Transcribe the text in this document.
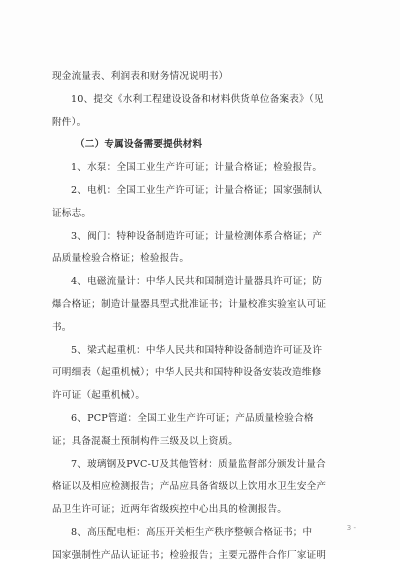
现金流量表、利润表和财务情况说明书）
10、提交《水利工程建设设备和材料供货单位备案表》（见
附件）。
（二）专属设备需要提供材料
1、水泵：全国工业生产许可证；计量合格证；检验报告。
2、电机：全国工业生产许可证；计量合格证；国家强制认
证标志。
3、阀门：特种设备制造许可证；计量检测体系合格证；产
品质量检验合格证；检验报告。
4、电磁流量计：中华人民共和国制造计量器具许可证；防
爆合格证；制造计量器具型式批准证书；计量校准实验室认可证
书。
5、梁式起重机：中华人民共和国特种设备制造许可证及许
可明细表（起重机械）；中华人民共和国特种设备安装改造维修
许可证（起重机械）。
6、PCP管道：全国工业生产许可证；产品质量检验合格
证；具备混凝土预制构件三级及以上资质。
7、玻璃钢及PVC-U及其他管材：质量监督部分颁发计量合
格证以及相应检测报告；产品应具备省级以上饮用水卫生安全产
品卫生许可证；近两年省级疾控中心出具的检测报告。
8、高压配电柜：高压开关柜生产秩序整顿合格证书；中
国家强制性产品认证证书；检验报告；主要元器件合作厂家证明
3 -
